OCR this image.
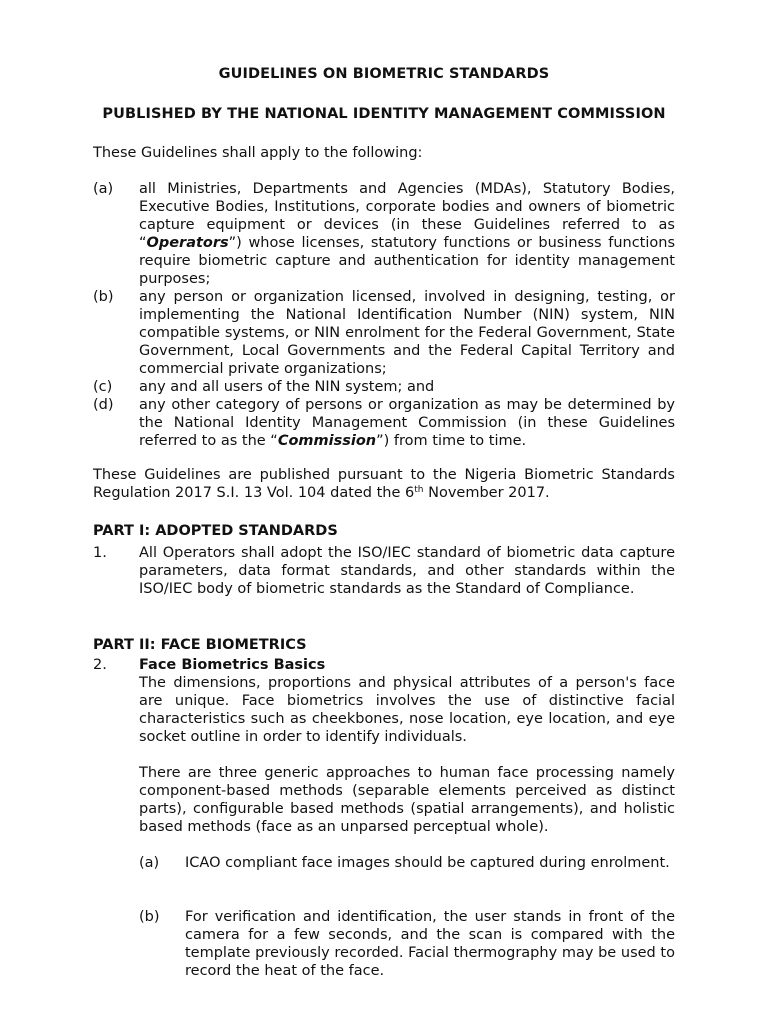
GUIDELINES ON BIOMETRIC STANDARDS
PUBLISHED BY THE NATIONAL IDENTITY MANAGEMENT COMMISSION
These Guidelines shall apply to the following:
(a) all Ministries, Departments and Agencies (MDAs), Statutory Bodies, Executive Bodies, Institutions, corporate bodies and owners of biometric capture equipment or devices (in these Guidelines referred to as “Operators”) whose licenses, statutory functions or business functions require biometric capture and authentication for identity management purposes;
(b) any person or organization licensed, involved in designing, testing, or implementing the National Identification Number (NIN) system, NIN compatible systems, or NIN enrolment for the Federal Government, State Government, Local Governments and the Federal Capital Territory and commercial private organizations;
(c) any and all users of the NIN system; and
(d) any other category of persons or organization as may be determined by the National Identity Management Commission (in these Guidelines referred to as the “Commission”) from time to time.
These Guidelines are published pursuant to the Nigeria Biometric Standards Regulation 2017 S.I. 13 Vol. 104 dated the 6th November 2017.
PART I: ADOPTED STANDARDS
1. All Operators shall adopt the ISO/IEC standard of biometric data capture parameters, data format standards, and other standards within the ISO/IEC body of biometric standards as the Standard of Compliance.
PART II: FACE BIOMETRICS
2. Face Biometrics Basics
The dimensions, proportions and physical attributes of a person's face are unique. Face biometrics involves the use of distinctive facial characteristics such as cheekbones, nose location, eye location, and eye socket outline in order to identify individuals.
There are three generic approaches to human face processing namely component-based methods (separable elements perceived as distinct parts), configurable based methods (spatial arrangements), and holistic based methods (face as an unparsed perceptual whole).
(a) ICAO compliant face images should be captured during enrolment.
(b) For verification and identification, the user stands in front of the camera for a few seconds, and the scan is compared with the template previously recorded. Facial thermography may be used to record the heat of the face.
